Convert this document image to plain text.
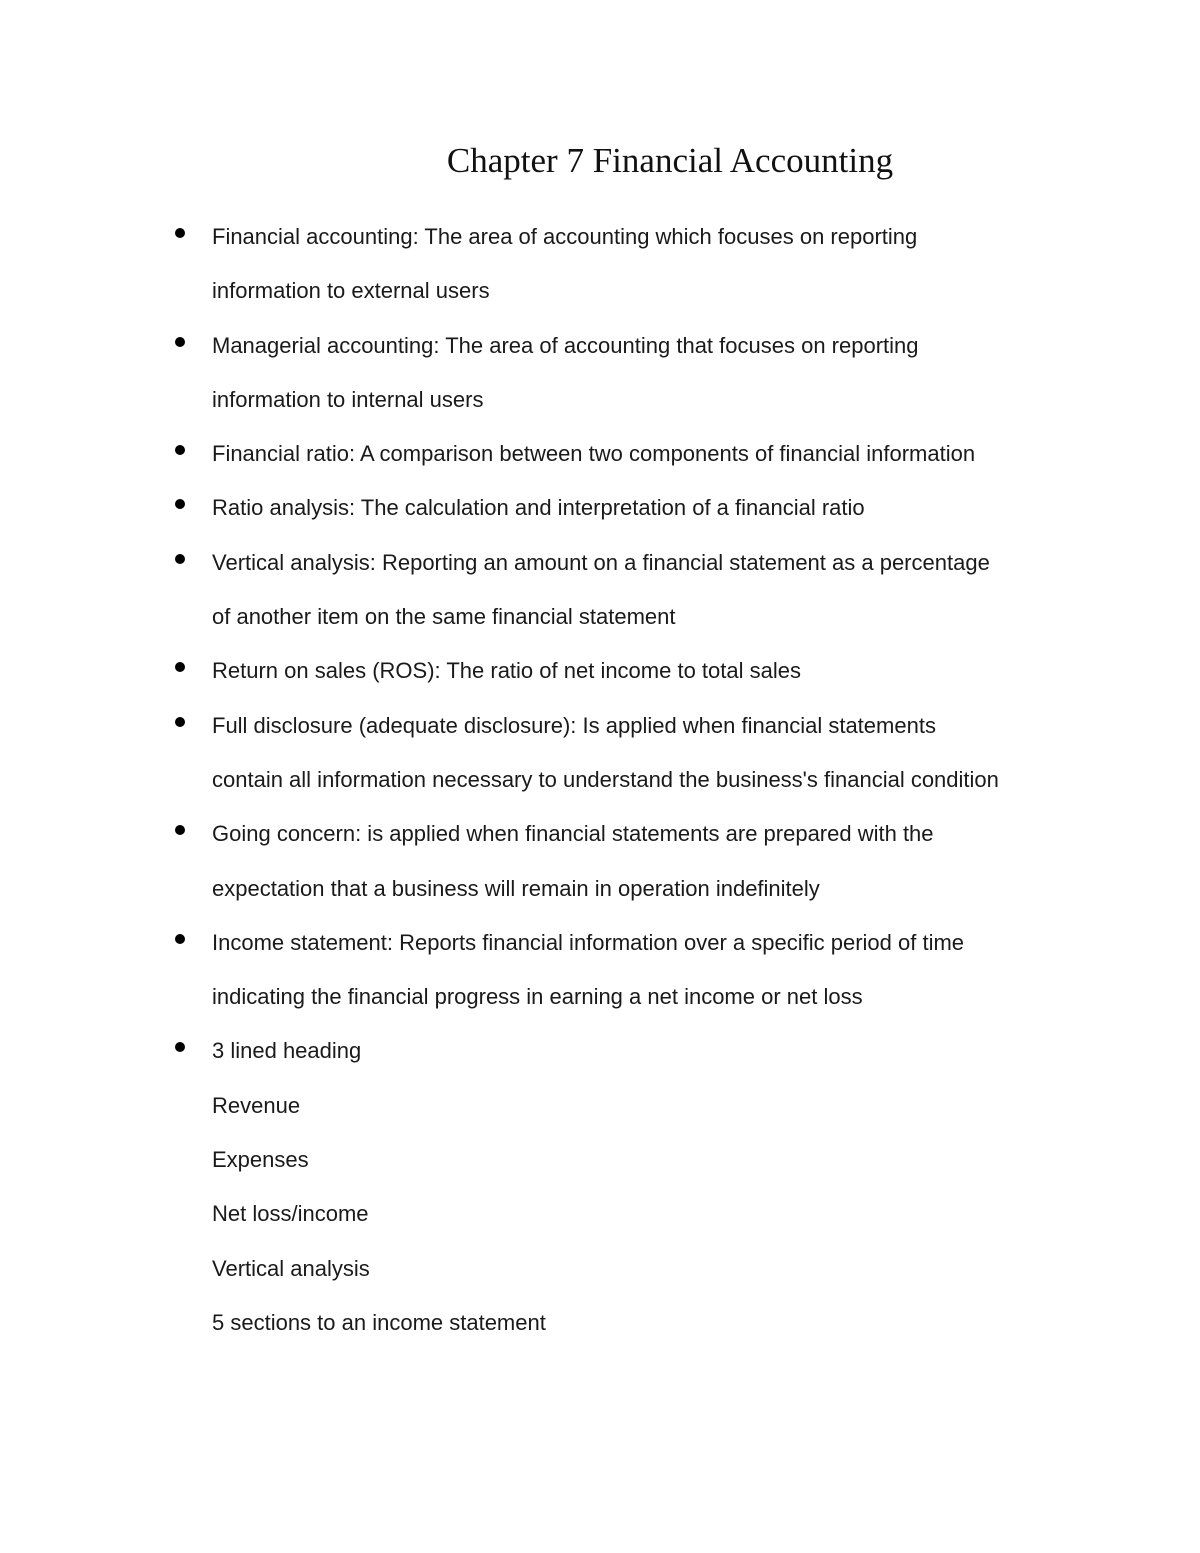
Chapter 7 Financial Accounting
Financial accounting: The area of accounting which focuses on reporting
information to external users
Managerial accounting: The area of accounting that focuses on reporting
information to internal users
Financial ratio: A comparison between two components of financial information
Ratio analysis: The calculation and interpretation of a financial ratio
Vertical analysis: Reporting an amount on a financial statement as a percentage
of another item on the same financial statement
Return on sales (ROS): The ratio of net income to total sales
Full disclosure (adequate disclosure): Is applied when financial statements
contain all information necessary to understand the business's financial condition
Going concern: is applied when financial statements are prepared with the
expectation that a business will remain in operation indefinitely
Income statement: Reports financial information over a specific period of time
indicating the financial progress in earning a net income or net loss
3 lined heading
Revenue
Expenses
Net loss/income
Vertical analysis
5 sections to an income statement
